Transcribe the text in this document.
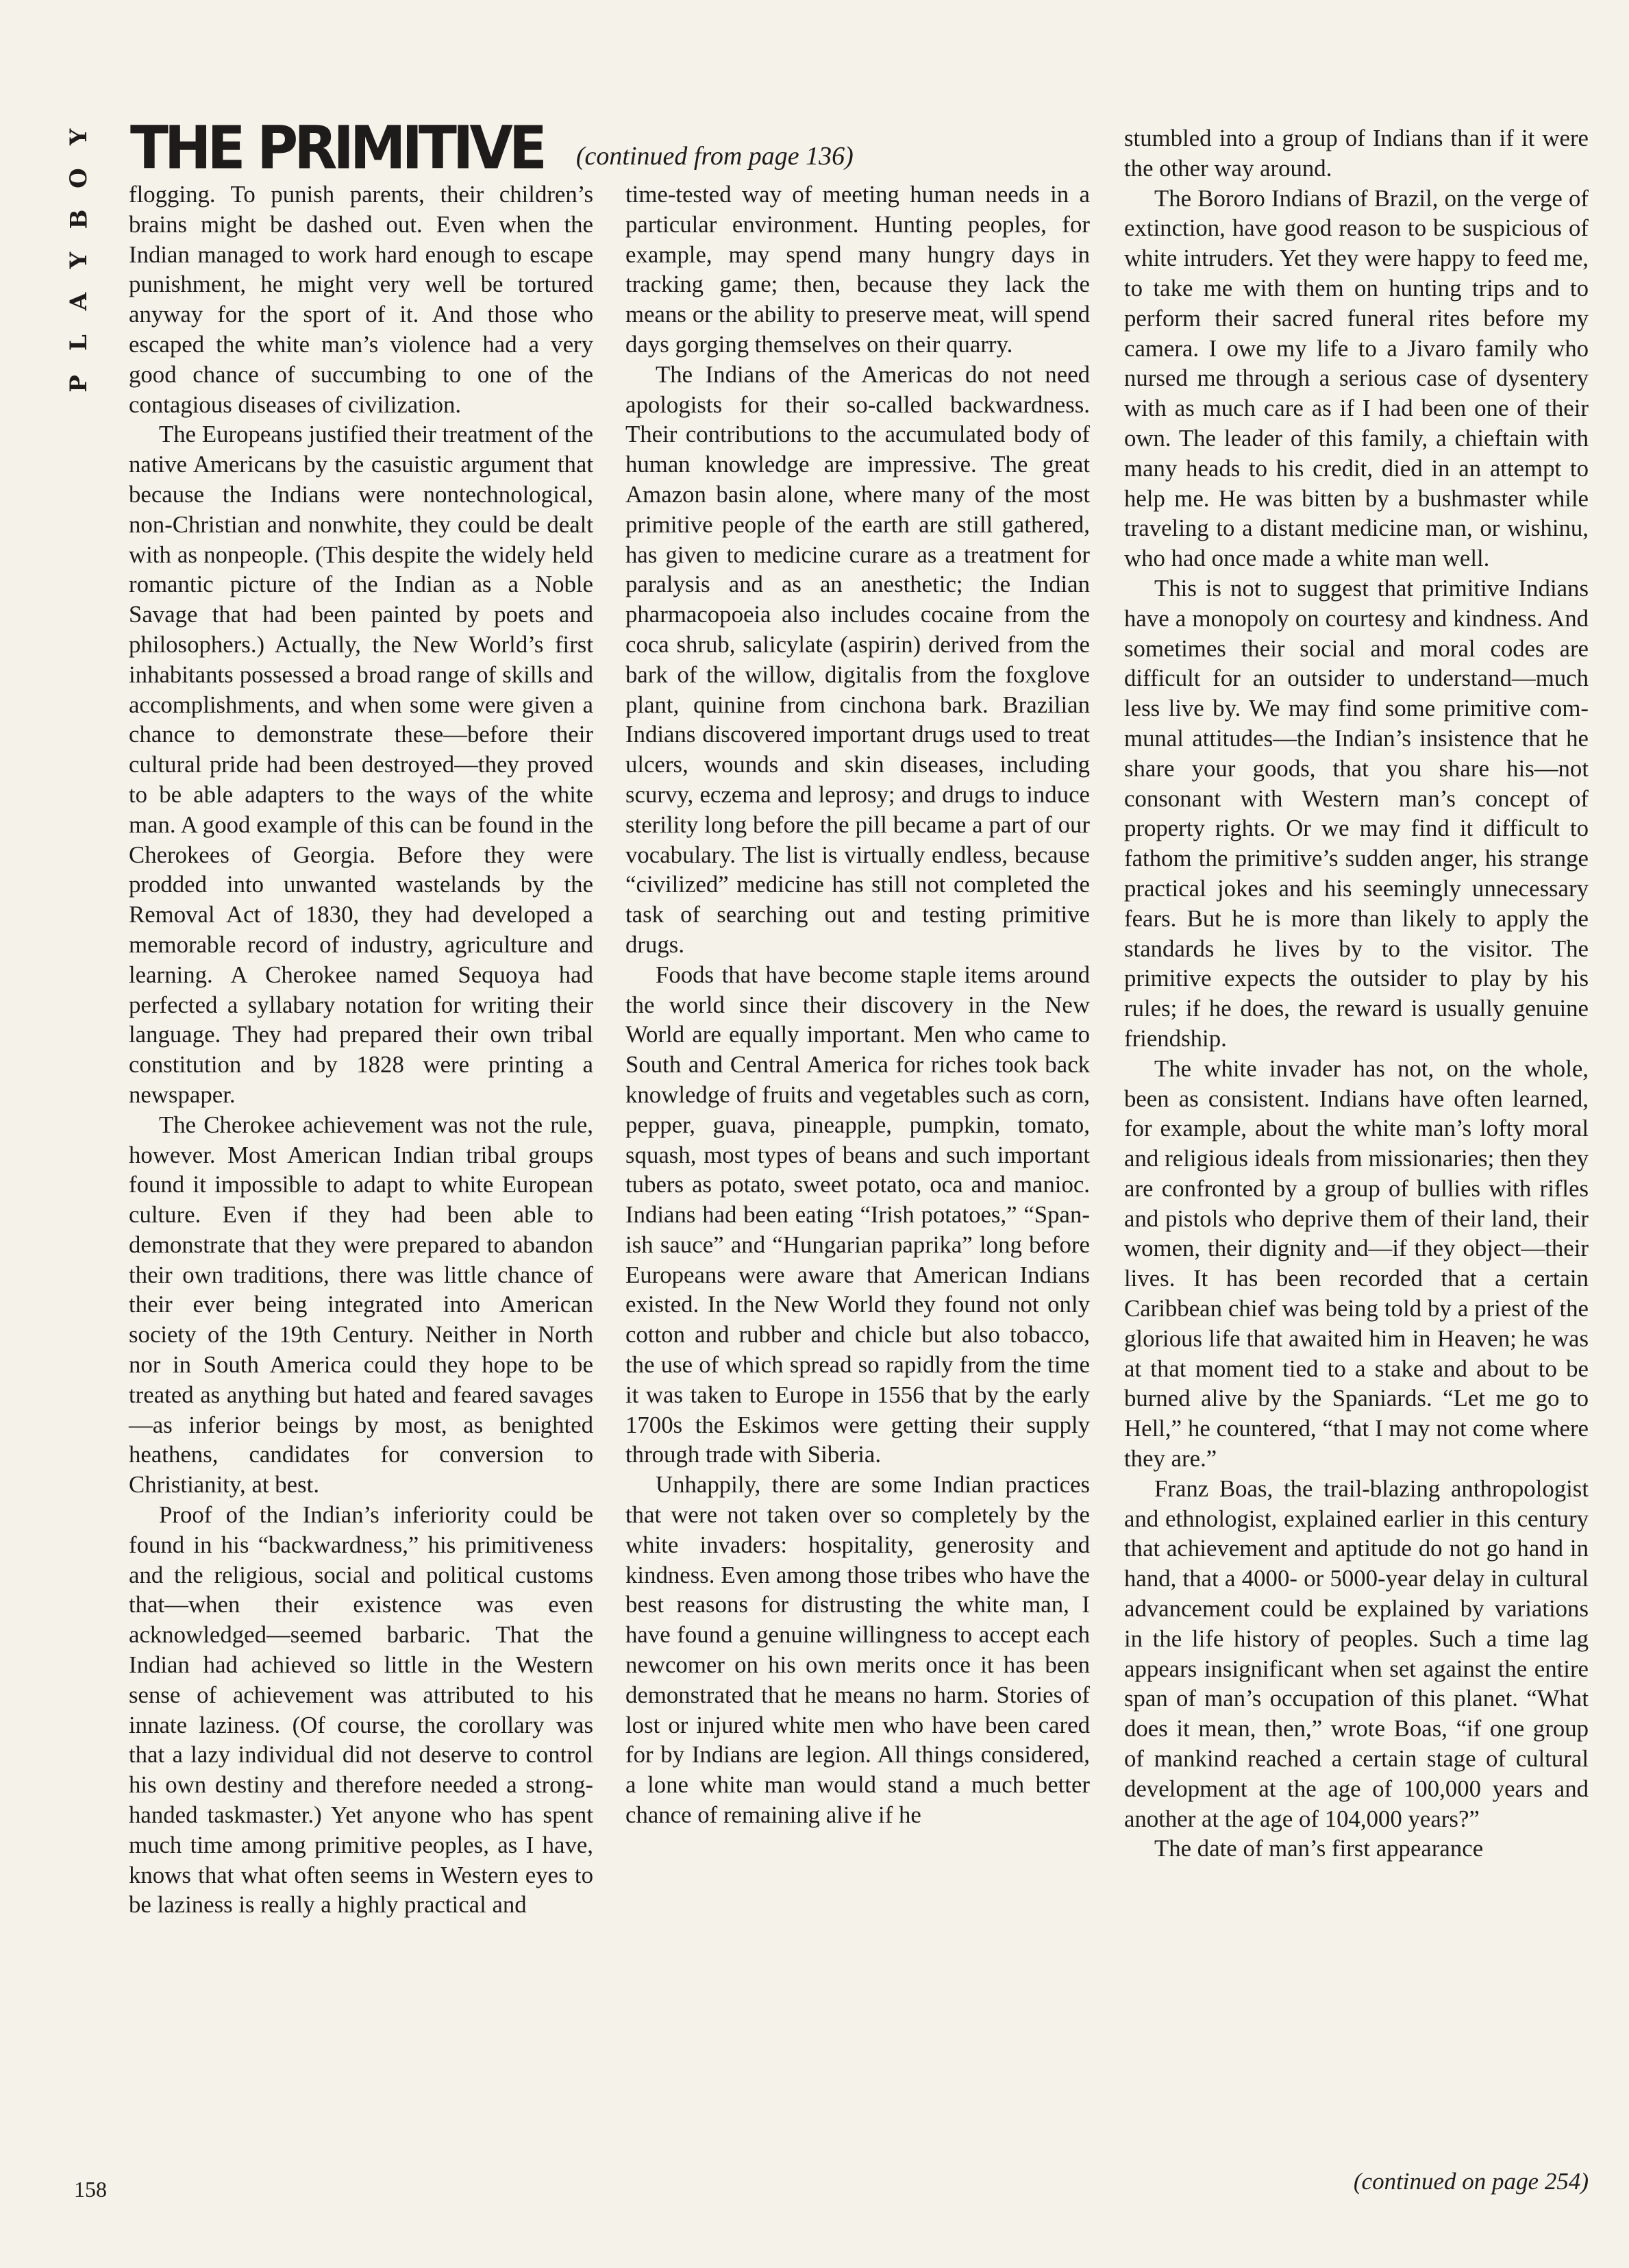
Y
O
B
Y
A
L
P
THE PRIMITIVE (continued from page 136)

flogging. To punish parents, their children’s brains might be dashed out. Even when the Indian managed to work hard enough to escape punishment, he might very well be tortured anyway for the sport of it. And those who escaped the white man’s violence had a very good chance of succumbing to one of the contagious diseases of civilization.

The Europeans justified their treatment of the native Americans by the casuistic argument that because the Indians were nontechnological, non-Christian and nonwhite, they could be dealt with as nonpeople. (This despite the widely held romantic picture of the Indian as a Noble Savage that had been painted by poets and philosophers.) Actually, the New World’s first inhabitants possessed a broad range of skills and accomplishments, and when some were given a chance to demonstrate these—before their cultural pride had been destroyed—they proved to be able adapters to the ways of the white man. A good example of this can be found in the Cherokees of Georgia. Before they were prodded into unwanted wastelands by the Removal Act of 1830, they had developed a memorable record of industry, agriculture and learning. A Cherokee named Sequoya had perfected a syllabary notation for writing their language. They had prepared their own tribal constitution and by 1828 were printing a newspaper.

The Cherokee achievement was not the rule, however. Most American Indian tribal groups found it impossible to adapt to white European culture. Even if they had been able to demonstrate that they were prepared to abandon their own traditions, there was little chance of their ever being integrated into American society of the 19th Century. Neither in North nor in South America could they hope to be treated as anything but hated and feared savages—as inferior beings by most, as benighted heathens, candidates for conversion to Christianity, at best.

Proof of the Indian’s inferiority could be found in his “backwardness,” his primitiveness and the religious, social and political customs that—when their existence was even acknowledged—seemed barbaric. That the Indian had achieved so little in the Western sense of achievement was attributed to his innate laziness. (Of course, the corollary was that a lazy individual did not deserve to control his own destiny and therefore needed a strong-handed taskmaster.) Yet anyone who has spent much time among primitive peoples, as I have, knows that what often seems in Western eyes to be laziness is really a highly practical and

time-tested way of meeting human needs in a particular environment. Hunting peoples, for example, may spend many hungry days in tracking game; then, because they lack the means or the ability to preserve meat, will spend days gorging themselves on their quarry.

The Indians of the Americas do not need apologists for their so-called backwardness. Their contributions to the accumulated body of human knowledge are impressive. The great Amazon basin alone, where many of the most primitive people of the earth are still gathered, has given to medicine curare as a treatment for paralysis and as an anesthetic; the Indian pharmacopoeia also includes cocaine from the coca shrub, salicylate (aspirin) derived from the bark of the willow, digitalis from the foxglove plant, quinine from cinchona bark. Brazilian Indians discovered important drugs used to treat ulcers, wounds and skin diseases, including scurvy, eczema and leprosy; and drugs to induce sterility long before the pill became a part of our vocabulary. The list is virtually endless, because “civilized” medicine has still not completed the task of searching out and testing primitive drugs.

Foods that have become staple items around the world since their discovery in the New World are equally important. Men who came to South and Central America for riches took back knowledge of fruits and vegetables such as corn, pepper, guava, pineapple, pumpkin, tomato, squash, most types of beans and such important tubers as potato, sweet potato, oca and manioc. Indians had been eating “Irish potatoes,” “Spanish sauce” and “Hungarian paprika” long before Europeans were aware that American Indians existed. In the New World they found not only cotton and rubber and chicle but also tobacco, the use of which spread so rapidly from the time it was taken to Europe in 1556 that by the early 1700s the Eskimos were getting their supply through trade with Siberia.

Unhappily, there are some Indian practices that were not taken over so completely by the white invaders: hospitality, generosity and kindness. Even among those tribes who have the best reasons for distrusting the white man, I have found a genuine willingness to accept each newcomer on his own merits once it has been demonstrated that he means no harm. Stories of lost or injured white men who have been cared for by Indians are legion. All things considered, a lone white man would stand a much better chance of remaining alive if he

stumbled into a group of Indians than if it were the other way around.

The Bororo Indians of Brazil, on the verge of extinction, have good reason to be suspicious of white intruders. Yet they were happy to feed me, to take me with them on hunting trips and to perform their sacred funeral rites before my camera. I owe my life to a Jivaro family who nursed me through a serious case of dysentery with as much care as if I had been one of their own. The leader of this family, a chieftain with many heads to his credit, died in an attempt to help me. He was bitten by a bushmaster while traveling to a distant medicine man, or wishinu, who had once made a white man well.

This is not to suggest that primitive Indians have a monopoly on courtesy and kindness. And sometimes their social and moral codes are difficult for an outsider to understand—much less live by. We may find some primitive communal attitudes—the Indian’s insistence that he share your goods, that you share his—not consonant with Western man’s concept of property rights. Or we may find it difficult to fathom the primitive’s sudden anger, his strange practical jokes and his seemingly unnecessary fears. But he is more than likely to apply the standards he lives by to the visitor. The primitive expects the outsider to play by his rules; if he does, the reward is usually genuine friendship.

The white invader has not, on the whole, been as consistent. Indians have often learned, for example, about the white man’s lofty moral and religious ideals from missionaries; then they are confronted by a group of bullies with rifles and pistols who deprive them of their land, their women, their dignity and—if they object—their lives. It has been recorded that a certain Caribbean chief was being told by a priest of the glorious life that awaited him in Heaven; he was at that moment tied to a stake and about to be burned alive by the Spaniards. “Let me go to Hell,” he countered, “that I may not come where they are.”

Franz Boas, the trail-blazing anthropologist and ethnologist, explained earlier in this century that achievement and aptitude do not go hand in hand, that a 4000- or 5000-year delay in cultural advancement could be explained by variations in the life history of peoples. Such a time lag appears insignificant when set against the entire span of man’s occupation of this planet. “What does it mean, then,” wrote Boas, “if one group of mankind reached a certain stage of cultural development at the age of 100,000 years and another at the age of 104,000 years?”

The date of man’s first appearance

158	(continued on page 254)
